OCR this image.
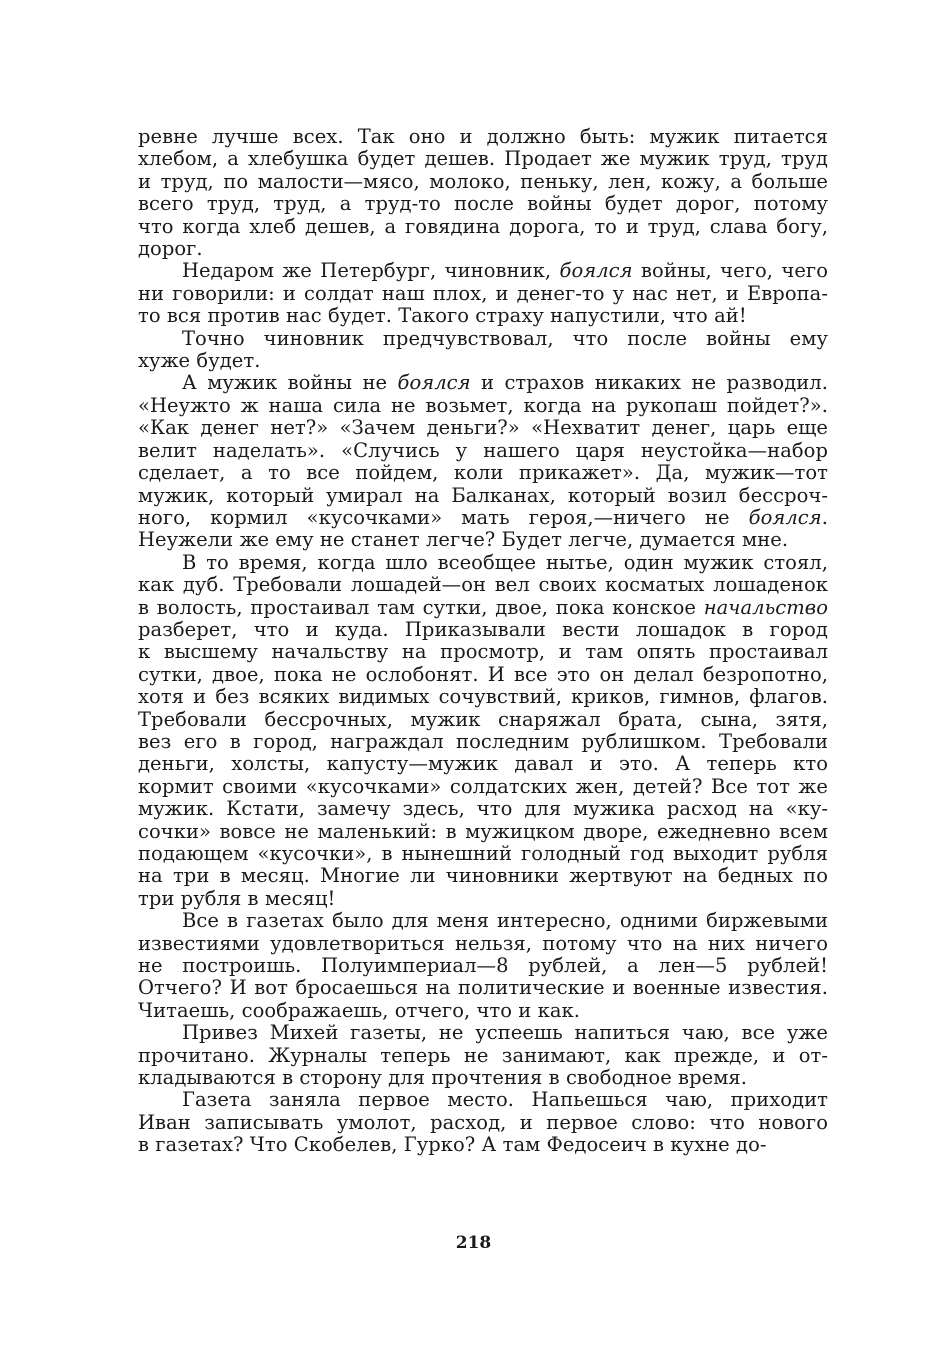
ревне лучше всех. Так оно и должно быть: мужик питается
хлебом, а хлебушка будет дешев. Продает же мужик труд, труд
и труд, по малости—мясо, молоко, пеньку, лен, кожу, а больше
всего труд, труд, а труд-то после войны будет дорог, потому
что когда хлеб дешев, а говядина дорога, то и труд, слава богу,
дорог.
Недаром же Петербург, чиновник, боялся войны, чего, чего
ни говорили: и солдат наш плох, и денег-то у нас нет, и Европа-
то вся против нас будет. Такого страху напустили, что ай!
Точно чиновник предчувствовал, что после войны ему
хуже будет.
А мужик войны не боялся и страхов никаких не разводил.
«Неужто ж наша сила не возьмет, когда на рукопаш пойдет?».
«Как денег нет?» «Зачем деньги?» «Нехватит денег, царь еще
велит наделать». «Случись у нашего царя неустойка—набор
сделает, а то все пойдем, коли прикажет». Да, мужик—тот
мужик, который умирал на Балканах, который возил бессроч-
ного, кормил «кусочками» мать героя,—ничего не боялся.
Неужели же ему не станет легче? Будет легче, думается мне.
В то время, когда шло всеобщее нытье, один мужик стоял,
как дуб. Требовали лошадей—он вел своих косматых лошаденок
в волость, простаивал там сутки, двое, пока конское начальство
разберет, что и куда. Приказывали вести лошадок в город
к высшему начальству на просмотр, и там опять простаивал
сутки, двое, пока не ослобонят. И все это он делал безропотно,
хотя и без всяких видимых сочувствий, криков, гимнов, флагов.
Требовали бессрочных, мужик снаряжал брата, сына, зятя,
вез его в город, награждал последним рублишком. Требовали
деньги, холсты, капусту—мужик давал и это. А теперь кто
кормит своими «кусочками» солдатских жен, детей? Все тот же
мужик. Кстати, замечу здесь, что для мужика расход на «ку-
сочки» вовсе не маленький: в мужицком дворе, ежедневно всем
подающем «кусочки», в нынешний голодный год выходит рубля
на три в месяц. Многие ли чиновники жертвуют на бедных по
три рубля в месяц!
Все в газетах было для меня интересно, одними биржевыми
известиями удовлетвориться нельзя, потому что на них ничего
не построишь. Полуимпериал—8 рублей, а лен—5 рублей!
Отчего? И вот бросаешься на политические и военные известия.
Читаешь, соображаешь, отчего, что и как.
Привез Михей газеты, не успеешь напиться чаю, все уже
прочитано. Журналы теперь не занимают, как прежде, и от-
кладываются в сторону для прочтения в свободное время.
Газета заняла первое место. Напьешься чаю, приходит
Иван записывать умолот, расход, и первое слово: что нового
в газетах? Что Скобелев, Гурко? А там Федосеич в кухне до-
218
